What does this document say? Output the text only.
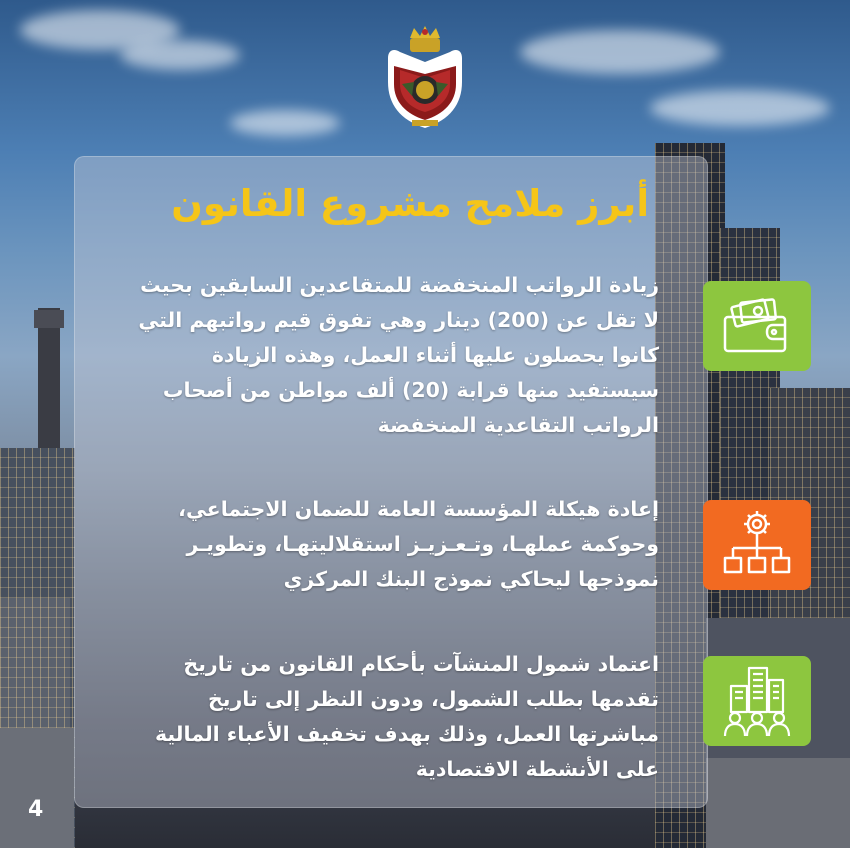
أبرز ملامح مشروع القانون
زيادة الرواتب المنخفضة للمتقاعدين السابقين بحيث
لا تقل عن (200) دينار وهي تفوق قيم رواتبهم التي
كانوا يحصلون عليها أثناء العمل، وهذه الزيادة
سيستفيد منها قرابة (20) ألف مواطن من أصحاب
الرواتب التقاعدية المنخفضة
إعادة هيكلة المؤسسة العامة للضمان الاجتماعي،
وحوكمة عملهـا، وتـعـزيـز استقلاليتهـا، وتطويـر
نموذجها ليحاكي نموذج البنك المركزي
اعتماد شمول المنشآت بأحكام القانون من تاريخ
تقدمها بطلب الشمول، ودون النظر إلى تاريخ
مباشرتها العمل، وذلك بهدف تخفيف الأعباء المالية
على الأنشطة الاقتصادية
4
